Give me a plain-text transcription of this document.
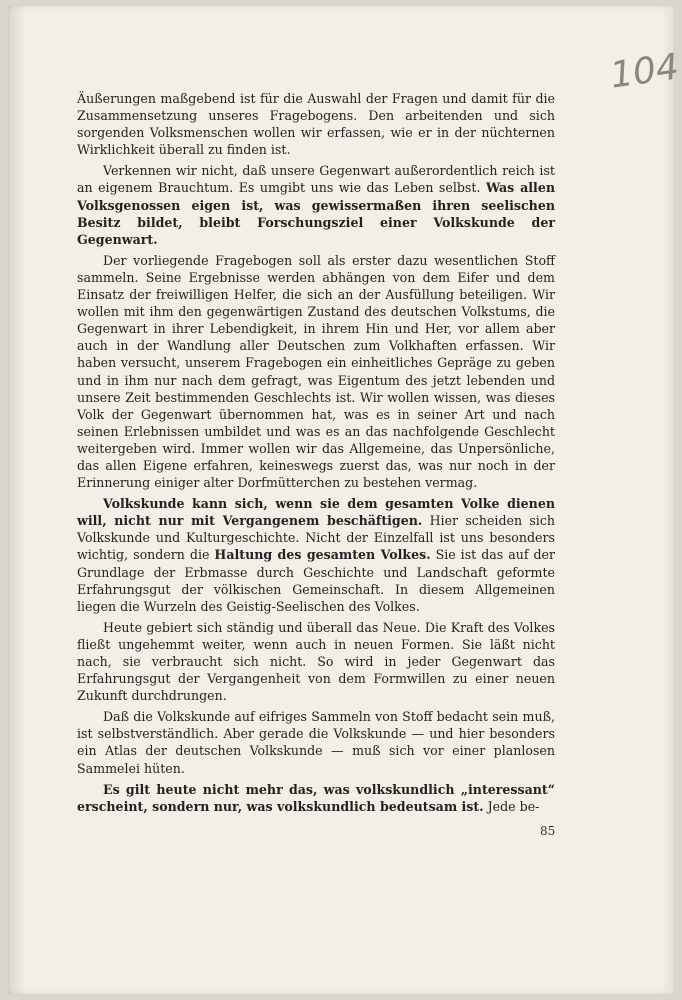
104

Äußerungen maßgebend ist für die Auswahl der Fragen und damit für die Zusammensetzung unseres Fragebogens. Den arbeitenden und sich sorgenden Volksmenschen wollen wir erfassen, wie er in der nüchternen Wirklichkeit überall zu finden ist.

Verkennen wir nicht, daß unsere Gegenwart außerordentlich reich ist an eigenem Brauchtum. Es umgibt uns wie das Leben selbst. Was allen Volksgenossen eigen ist, was gewissermaßen ihren seelischen Besitz bildet, bleibt Forschungsziel einer Volkskunde der Gegenwart.

Der vorliegende Fragebogen soll als erster dazu wesentlichen Stoff sammeln. Seine Ergebnisse werden abhängen von dem Eifer und dem Einsatz der freiwilligen Helfer, die sich an der Ausfüllung beteiligen. Wir wollen mit ihm den gegenwärtigen Zustand des deutschen Volkstums, die Gegenwart in ihrer Lebendigkeit, in ihrem Hin und Her, vor allem aber auch in der Wandlung aller Deutschen zum Volkhaften erfassen. Wir haben versucht, unserem Fragebogen ein einheitliches Gepräge zu geben und in ihm nur nach dem gefragt, was Eigentum des jetzt lebenden und unsere Zeit bestimmenden Geschlechts ist. Wir wollen wissen, was dieses Volk der Gegenwart übernommen hat, was es in seiner Art und nach seinen Erlebnissen umbildet und was es an das nachfolgende Geschlecht weitergeben wird. Immer wollen wir das Allgemeine, das Unpersönliche, das allen Eigene erfahren, keineswegs zuerst das, was nur noch in der Erinnerung einiger alter Dorfmütterchen zu bestehen vermag.

Volkskunde kann sich, wenn sie dem gesamten Volke dienen will, nicht nur mit Vergangenem beschäftigen. Hier scheiden sich Volkskunde und Kulturgeschichte. Nicht der Einzelfall ist uns besonders wichtig, sondern die Haltung des gesamten Volkes. Sie ist das auf der Grundlage der Erbmasse durch Geschichte und Landschaft geformte Erfahrungsgut der völkischen Gemeinschaft. In diesem Allgemeinen liegen die Wurzeln des Geistig-Seelischen des Volkes.

Heute gebiert sich ständig und überall das Neue. Die Kraft des Volkes fließt ungehemmt weiter, wenn auch in neuen Formen. Sie läßt nicht nach, sie verbraucht sich nicht. So wird in jeder Gegenwart das Erfahrungsgut der Vergangenheit von dem Formwillen zu einer neuen Zukunft durchdrungen.

Daß die Volkskunde auf eifriges Sammeln von Stoff bedacht sein muß, ist selbstverständlich. Aber gerade die Volkskunde — und hier besonders ein Atlas der deutschen Volkskunde — muß sich vor einer planlosen Sammelei hüten.

Es gilt heute nicht mehr das, was volkskundlich „interessant“ erscheint, sondern nur, was volkskundlich bedeutsam ist. Jede be-

85
